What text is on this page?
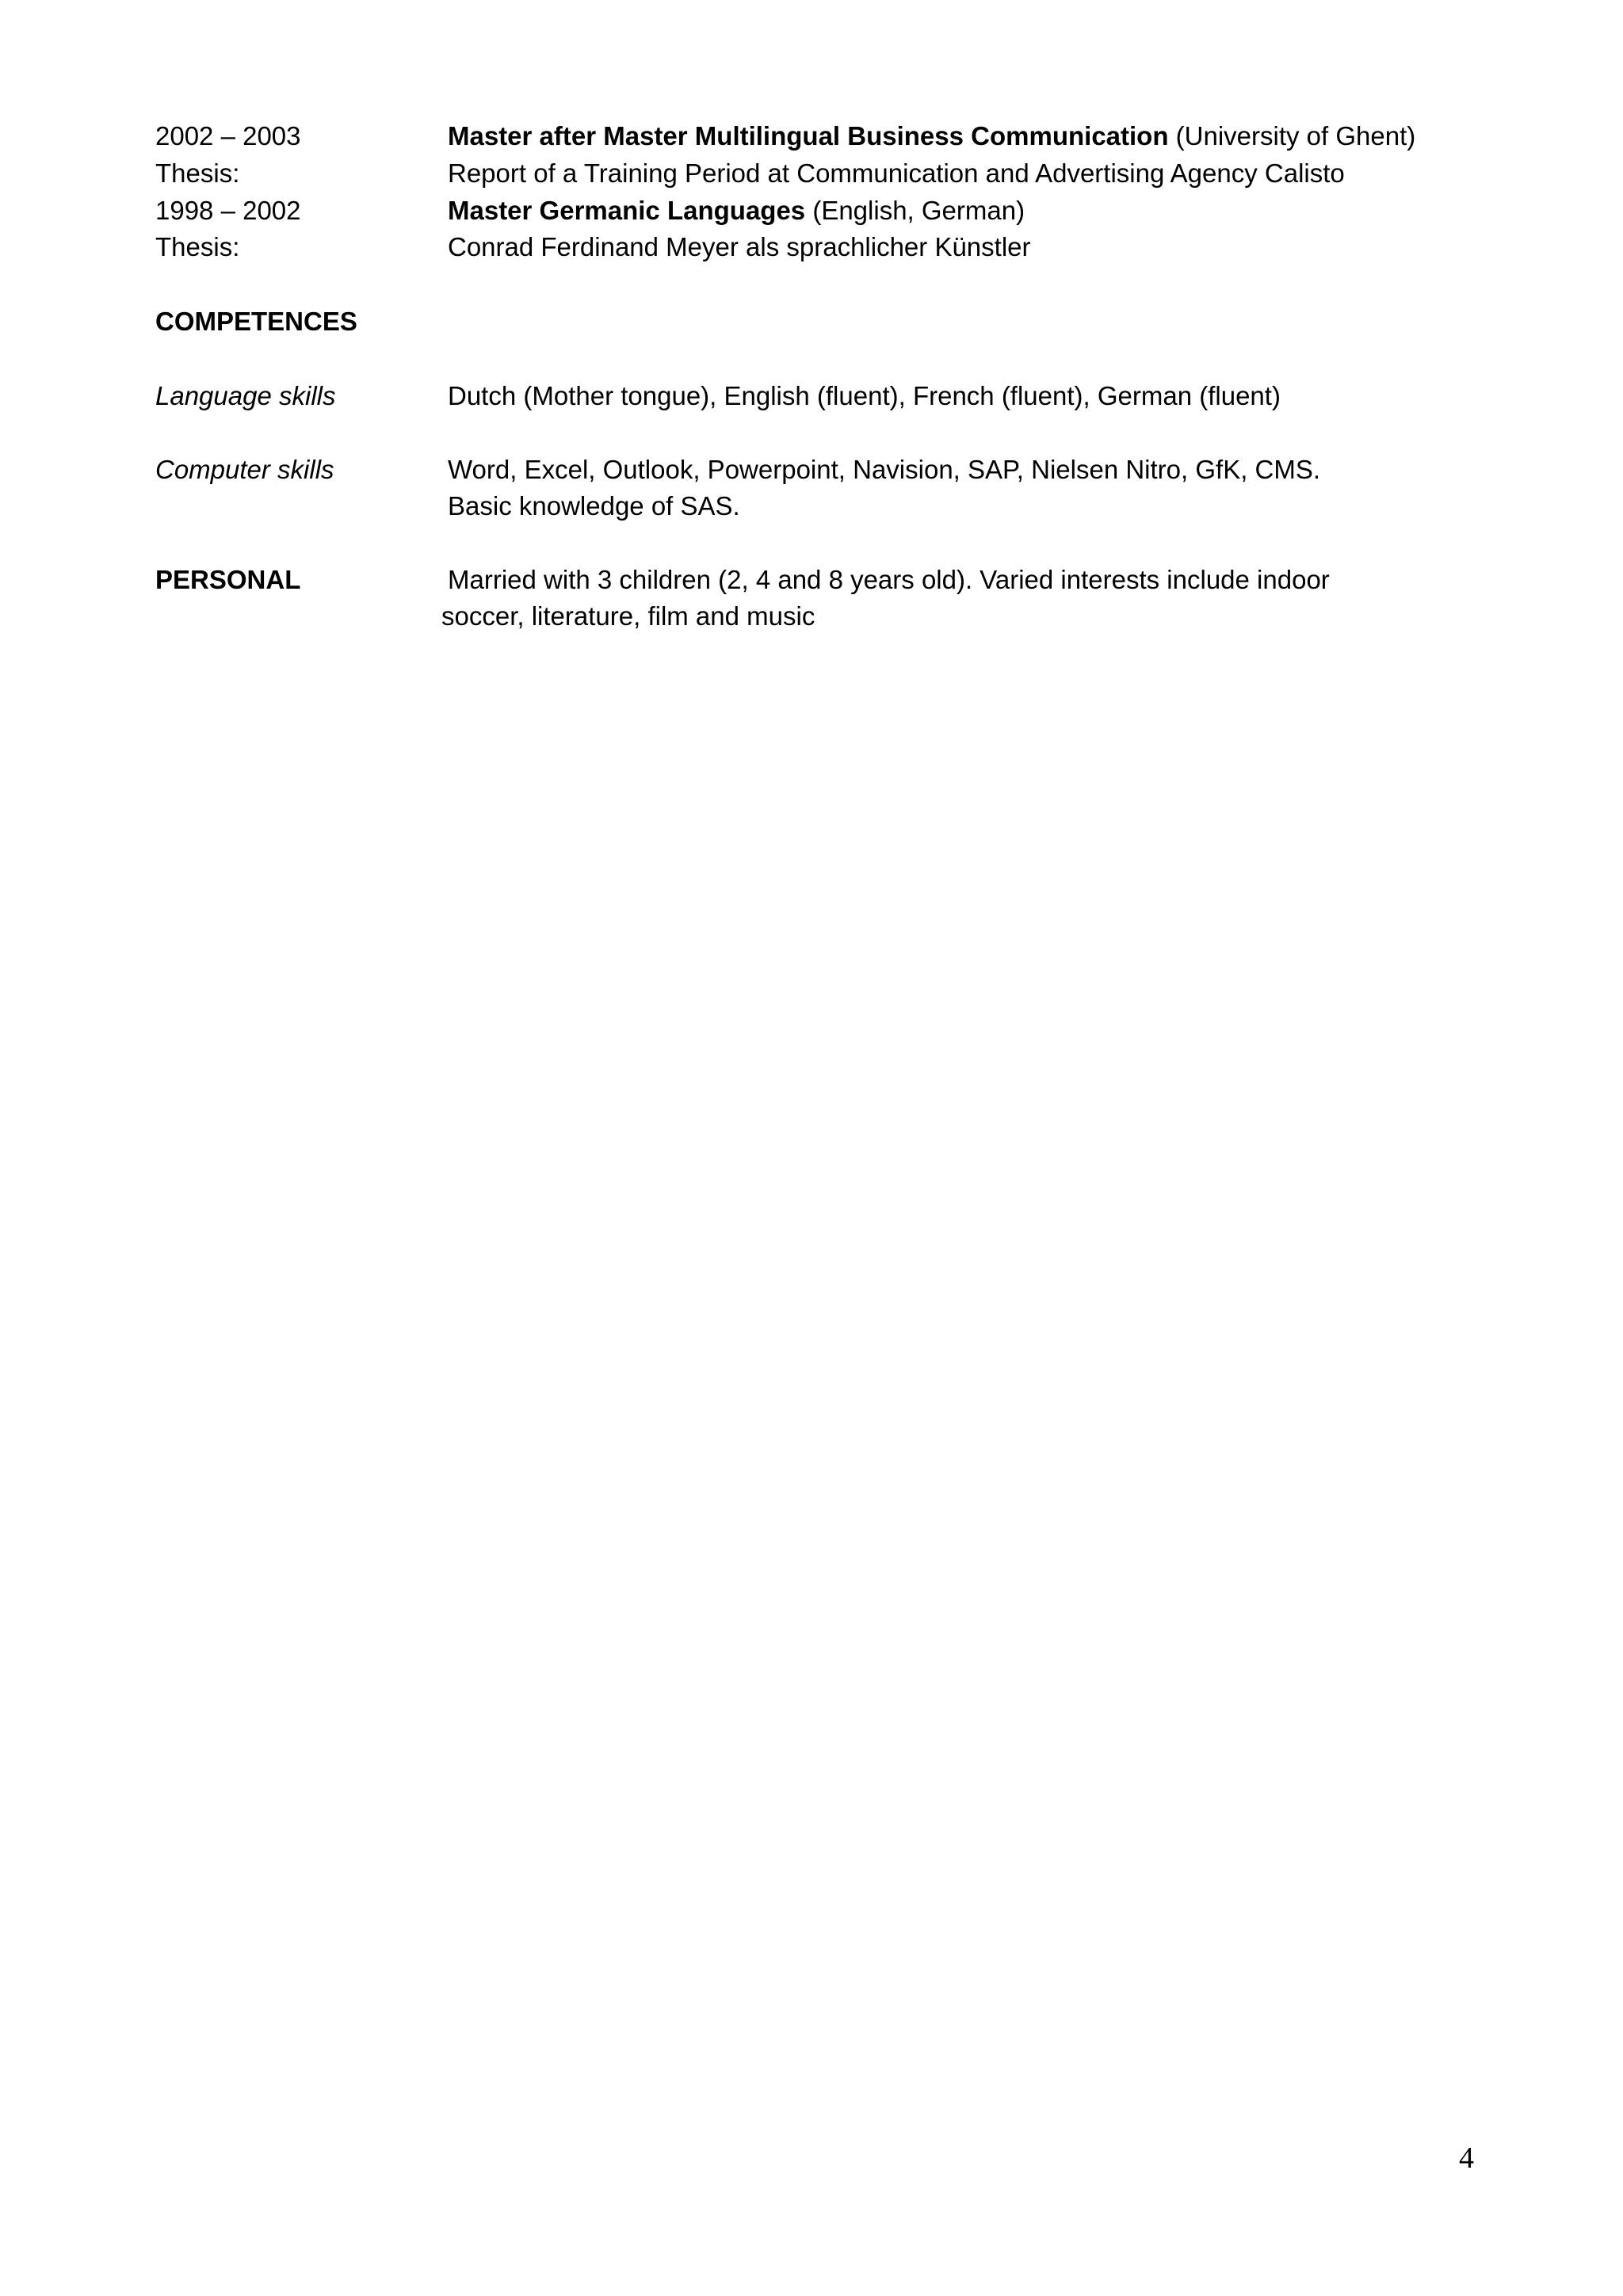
2002 – 2003	Master after Master Multilingual Business Communication (University of Ghent)
Thesis:	Report of a Training Period at Communication and Advertising Agency Calisto
1998 – 2002	Master Germanic Languages (English, German)
Thesis:	Conrad Ferdinand Meyer als sprachlicher Künstler
COMPETENCES
Language skills	Dutch (Mother tongue), English (fluent), French (fluent), German (fluent)
Computer skills	Word, Excel, Outlook, Powerpoint, Navision, SAP, Nielsen Nitro, GfK, CMS.
Basic knowledge of SAS.
PERSONAL	Married with 3 children (2, 4 and 8 years old). Varied interests include indoor
soccer, literature, film and music
4
